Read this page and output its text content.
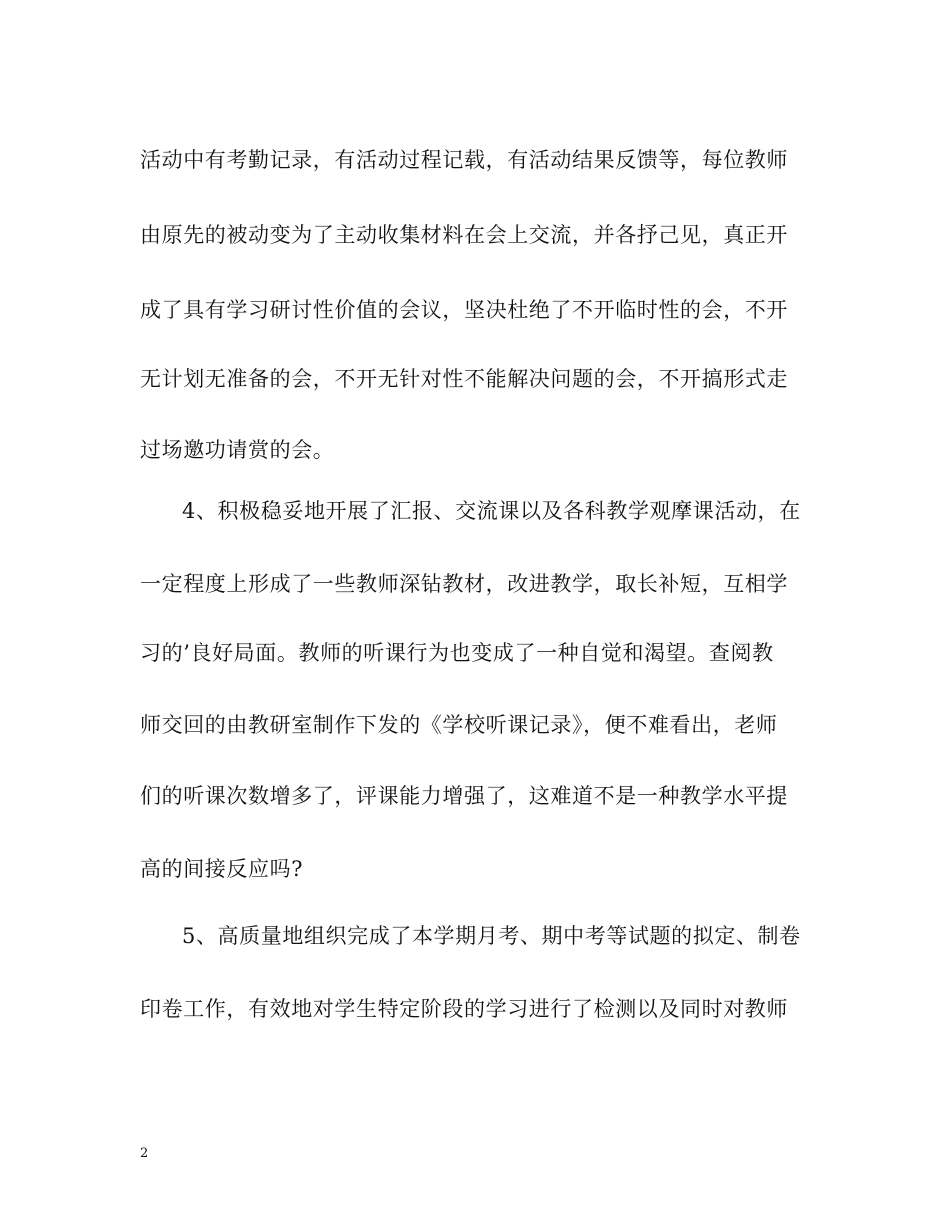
活动中有考勤记录，有活动过程记载，有活动结果反馈等，每位教师
由原先的被动变为了主动收集材料在会上交流，并各抒己见，真正开
成了具有学习研讨性价值的会议，坚决杜绝了不开临时性的会，不开
无计划无准备的会，不开无针对性不能解决问题的会，不开搞形式走
过场邀功请赏的会。
4、积极稳妥地开展了汇报、交流课以及各科教学观摩课活动，在
一定程度上形成了一些教师深钻教材，改进教学，取长补短，互相学
习的’良好局面。教师的听课行为也变成了一种自觉和渴望。查阅教
师交回的由教研室制作下发的《学校听课记录》，便不难看出，老师
们的听课次数增多了，评课能力增强了，这难道不是一种教学水平提
高的间接反应吗?
5、高质量地组织完成了本学期月考、期中考等试题的拟定、制卷
印卷工作，有效地对学生特定阶段的学习进行了检测以及同时对教师
2
